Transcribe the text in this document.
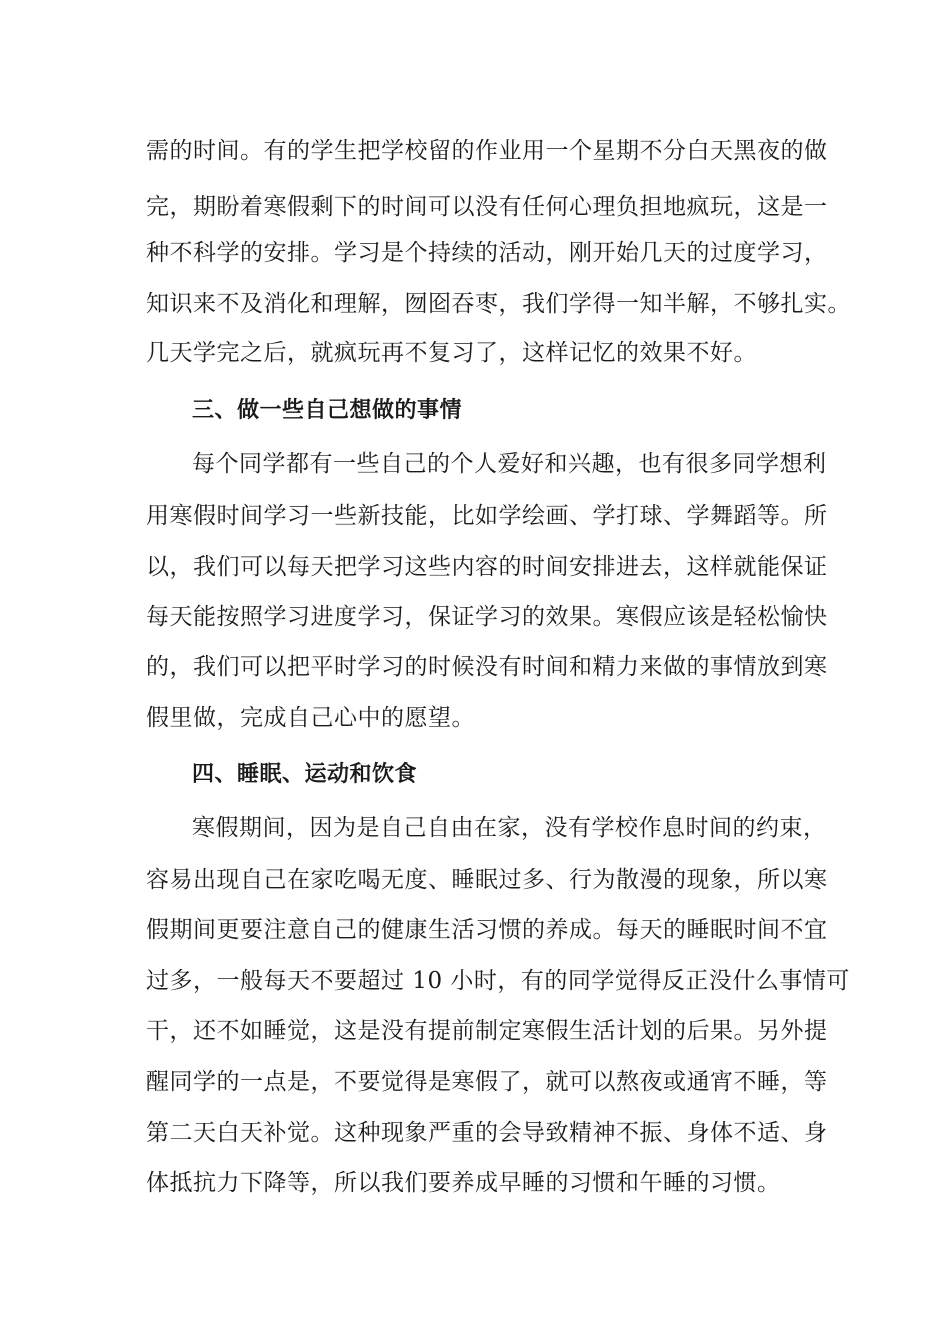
需的时间。有的学生把学校留的作业用一个星期不分白天黑夜的做
完，期盼着寒假剩下的时间可以没有任何心理负担地疯玩，这是一
种不科学的安排。学习是个持续的活动，刚开始几天的过度学习，
知识来不及消化和理解，囫囵吞枣，我们学得一知半解，不够扎实。
几天学完之后，就疯玩再不复习了，这样记忆的效果不好。
三、做一些自己想做的事情
每个同学都有一些自己的个人爱好和兴趣，也有很多同学想利
用寒假时间学习一些新技能，比如学绘画、学打球、学舞蹈等。所
以，我们可以每天把学习这些内容的时间安排进去，这样就能保证
每天能按照学习进度学习，保证学习的效果。寒假应该是轻松愉快
的，我们可以把平时学习的时候没有时间和精力来做的事情放到寒
假里做，完成自己心中的愿望。
四、睡眠、运动和饮食
寒假期间，因为是自己自由在家，没有学校作息时间的约束，
容易出现自己在家吃喝无度、睡眠过多、行为散漫的现象，所以寒
假期间更要注意自己的健康生活习惯的养成。每天的睡眠时间不宜
过多，一般每天不要超过 10 小时，有的同学觉得反正没什么事情可
干，还不如睡觉，这是没有提前制定寒假生活计划的后果。另外提
醒同学的一点是，不要觉得是寒假了，就可以熬夜或通宵不睡，等
第二天白天补觉。这种现象严重的会导致精神不振、身体不适、身
体抵抗力下降等，所以我们要养成早睡的习惯和午睡的习惯。
